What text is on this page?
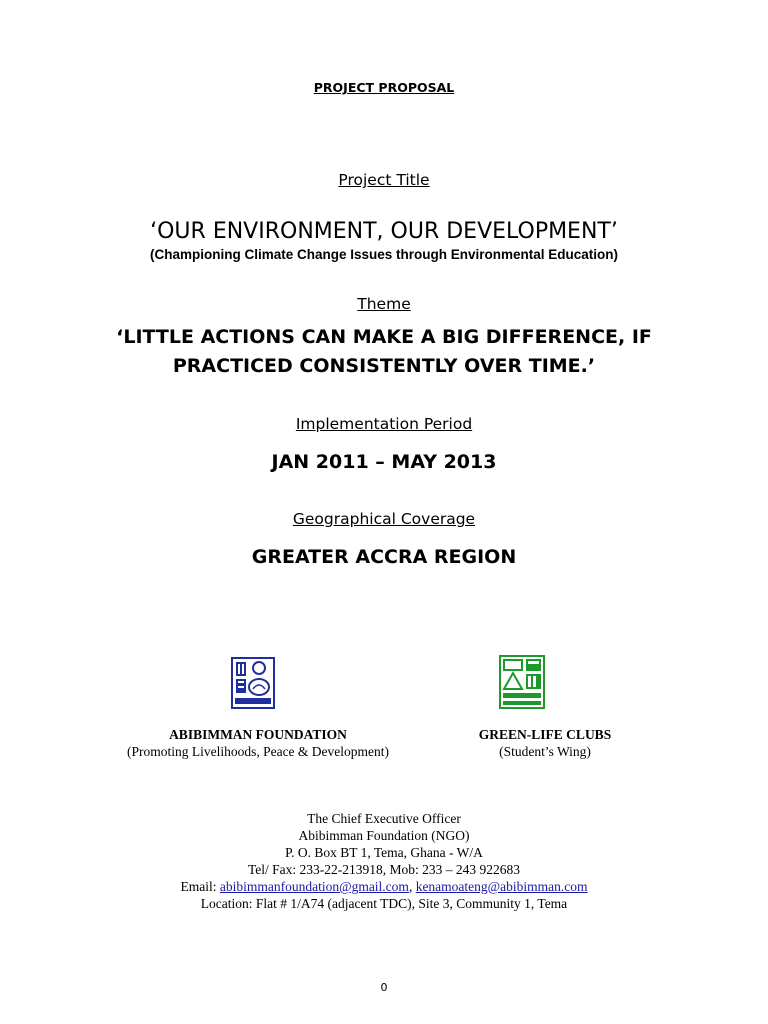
PROJECT PROPOSAL
Project Title
‘OUR ENVIRONMENT, OUR DEVELOPMENT’
(Championing Climate Change Issues through Environmental Education)
Theme
‘LITTLE ACTIONS CAN MAKE A BIG DIFFERENCE, IF
PRACTICED CONSISTENTLY OVER TIME.’
Implementation Period
JAN 2011 – MAY 2013
Geographical Coverage
GREATER ACCRA REGION
ABIBIMMAN FOUNDATION
(Promoting Livelihoods, Peace & Development)
GREEN-LIFE CLUBS
(Student’s Wing)
The Chief Executive Officer
Abibimman Foundation (NGO)
P. O. Box BT 1, Tema, Ghana - W/A
Tel/ Fax: 233-22-213918, Mob: 233 – 243 922683
Email: abibimmanfoundation@gmail.com, kenamoateng@abibimman.com
Location: Flat # 1/A74 (adjacent TDC), Site 3, Community 1, Tema
0
